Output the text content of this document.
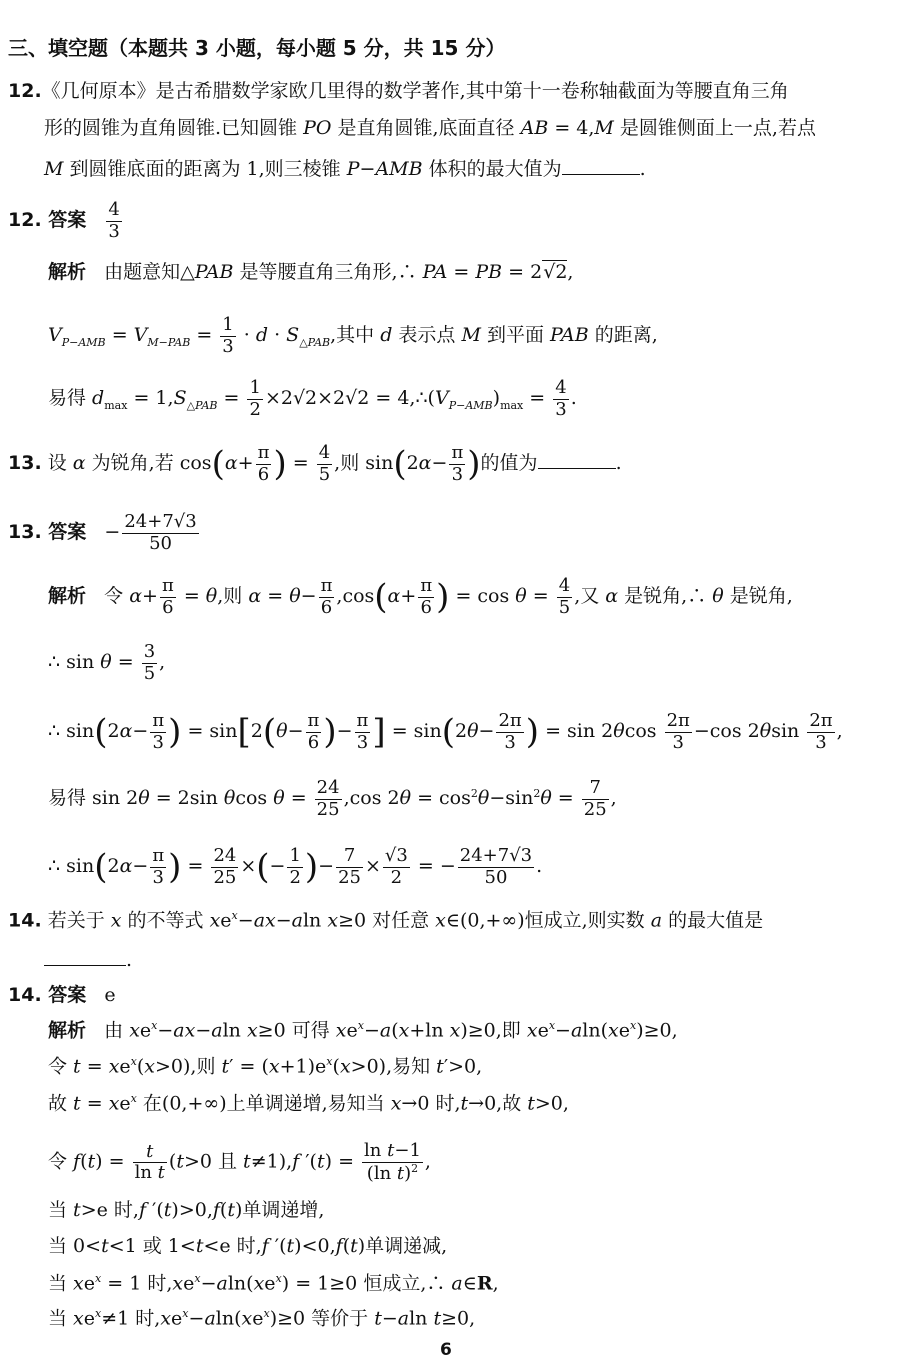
三、填空题（本题共 3 小题，每小题 5 分，共 15 分）
12.《几何原本》是古希腊数学家欧几里得的数学著作,其中第十一卷称轴截面为等腰直角三角
形的圆锥为直角圆锥.已知圆锥 PO 是直角圆锥,底面直径 AB = 4,M 是圆锥侧面上一点,若点
M 到圆锥底面的距离为 1,则三棱锥 P−AMB 体积的最大值为	.
12. 答案 $\frac{4}{3}$
解析   由题意知△PAB 是等腰直角三角形,∴ PA = PB = 2√2,
$V_{P-AMB} = V_{M-PAB} = \frac{1}{3} \cdot d \cdot S_{\triangle PAB}$,其中 d 表示点 M 到平面 PAB 的距离,
易得 $d_{max} = 1,S_{\triangle PAB} = \frac{1}{2} \times 2√2\times 2√2$ = $4,\therefore(V_{P-AMB})_{max} = \frac{4}{3}$ .
13. 设 α 为锐角,若 $\cos(\alpha+ \frac{\pi}{6}$ ) = $\frac{4}{5}$ ,则 $\sin(2\alpha- \frac{\pi}{3}$ )的值为	.
13. 答案   − $\frac{24+7√3}{50}$
解析   令 $\alpha+ \frac{\pi}{6} = \theta$,则 $\alpha = \theta- \frac{\pi}{6} ,\cos(\alpha+ \frac{\pi}{6}$ ) = $\cos \theta = \frac{4}{5}$ ,又 α 是锐角,∴ θ 是锐角,
∴ $\sin \theta = \frac{3}{5}$ ,
∴ $\sin(2\alpha- \frac{\pi}{3}$ ) = $\sin[2(\theta- \frac{\pi}{6}$ )− $\frac{\pi}{3}$ ] = $\sin(2\theta- \frac{2\pi}{3}$ ) = $\sin 2\theta\cos \frac{2\pi}{3} -\cos$ $2\theta\sin \frac{2\pi}{3}$ ,
易得 sin 2θ = 2sin θcos $\theta = \frac{24}{25} ,\cos$ $2\theta = \cos^2\theta-\sin^2\theta = \frac{7}{25}$ ,
∴ $\sin(2\alpha- \frac{\pi}{3}$ ) = $\frac{24}{25}$ ×(− $\frac{1}{2}$ )− $\frac{7}{25} \times \frac{√3}{2}$ = − $\frac{24+7√3}{50}$ .
14. 若关于 x 的不等式 $xe^x-ax-aln$ x≥0 对任意 x∈(0,+∞)恒成立,则实数 a 的最大值是
.
14. 答案 e
解析   由 $xe^x-ax-aln$ x≥0 可得 $xe^x-a(x+\ln$ x)≥0,即 $xe^x-aln(xe^x)\ge 0$,
令 $t = xe^x(x>0)$,则 $t' = (x+1)e^x(x>0)$,易知 t′>0,
故 $t = xe^x$ 在(0,+∞)上单调递增,易知当 x→0 时,t→0,故 t>0,
令 $f(t) = \frac{t}{\text{ln t}} (t>0$ 且 t≠1),f $'(t) = \frac{\text{ln t−1}}{(\ln t)^2}$ ,
当 t>e 时,f ′(t)>0,f(t)单调递增,
当 0<t<1 或 1<t<e 时,f ′(t)<0,f(t)单调递减,
当 $xe^x = 1$ 时$,xe^x-aln(xe^x) = 1\ge 0$ 恒成立,∴ a∈R,
当 $xe^x\ne 1$ 时$,xe^x-aln(xe^x)\ge 0$ 等价于 t−aln t≥0,
6
